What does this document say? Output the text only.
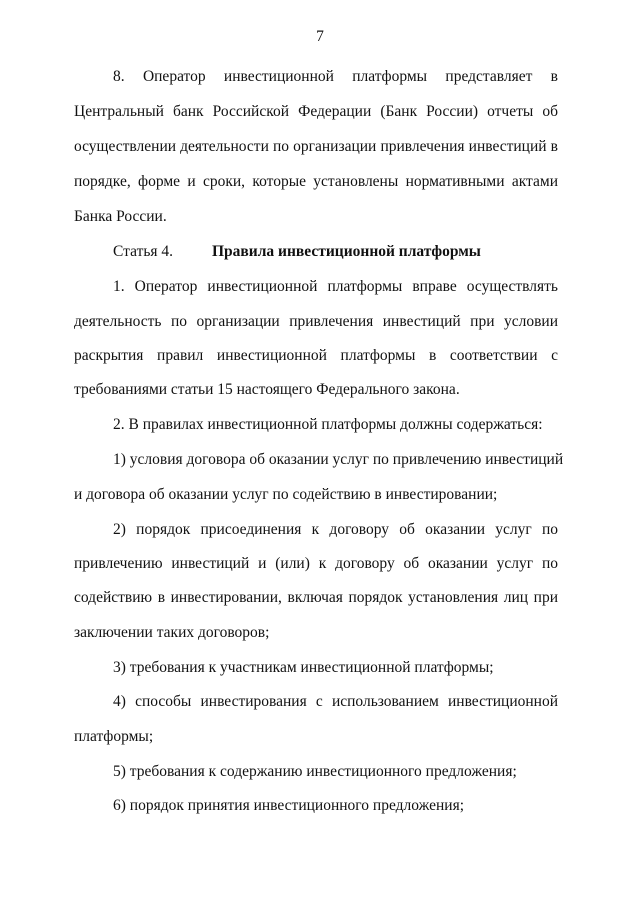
7
8. Оператор инвестиционной платформы представляет в
Центральный банк Российской Федерации (Банк России) отчеты об
осуществлении деятельности по организации привлечения инвестиций в
порядке, форме и сроки, которые установлены нормативными актами
Банка России.
Статья 4.	Правила инвестиционной платформы
1. Оператор инвестиционной платформы вправе осуществлять
деятельность по организации привлечения инвестиций при условии
раскрытия правил инвестиционной платформы в соответствии с
требованиями статьи 15 настоящего Федерального закона.
2. В правилах инвестиционной платформы должны содержаться:
1) условия договора об оказании услуг по привлечению инвестиций
и договора об оказании услуг по содействию в инвестировании;
2) порядок присоединения к договору об оказании услуг по
привлечению инвестиций и (или) к договору об оказании услуг по
содействию в инвестировании, включая порядок установления лиц при
заключении таких договоров;
3) требования к участникам инвестиционной платформы;
4) способы инвестирования с использованием инвестиционной
платформы;
5) требования к содержанию инвестиционного предложения;
6) порядок принятия инвестиционного предложения;
